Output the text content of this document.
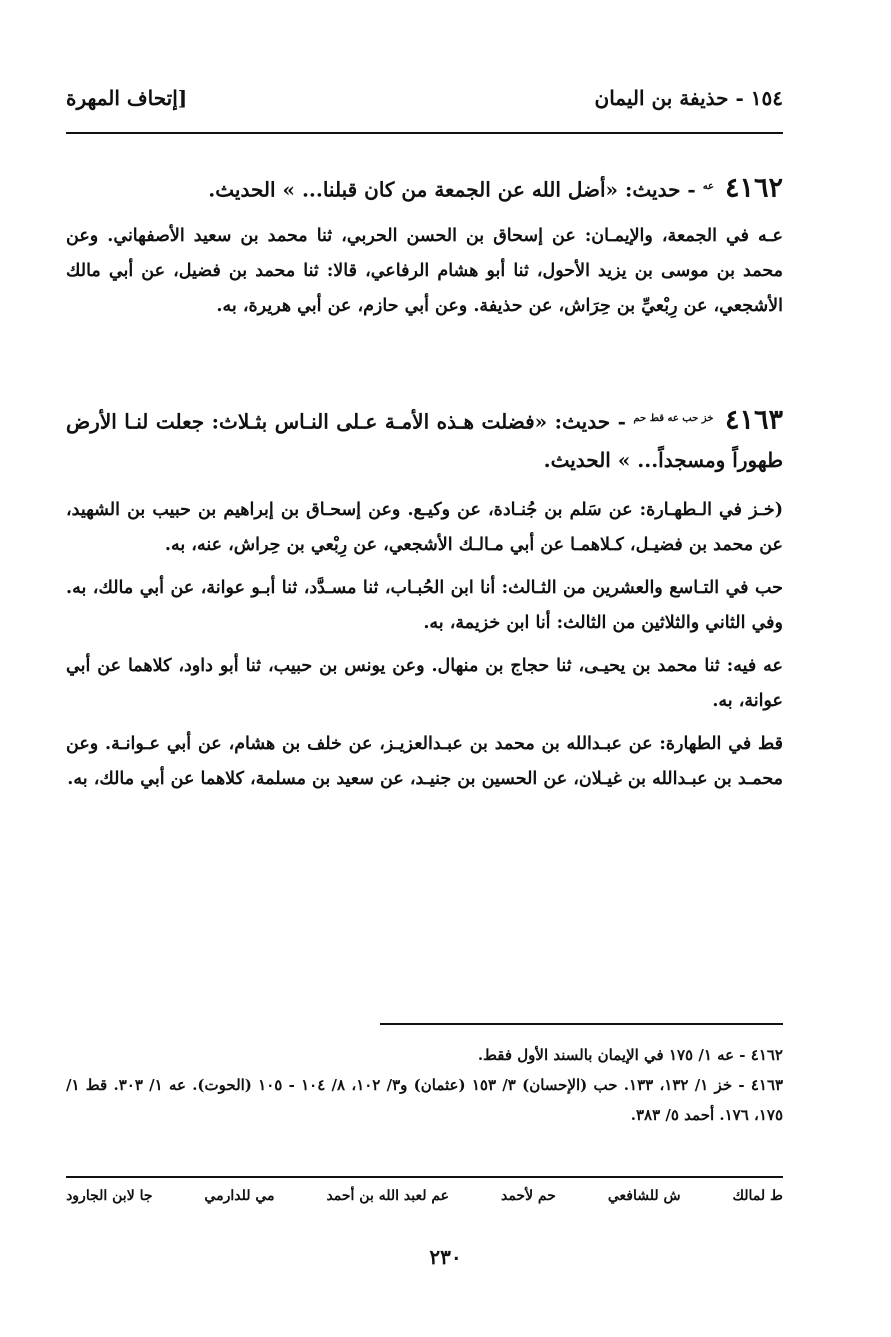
١٥٤ - حذيفة بن اليمان
[إتحاف المهرة
٤١٦٢ عه - حديث: «أضل الله عن الجمعة من كان قبلنا... » الحديث.

عـه في الجمعة، والإيمـان: عن إسحاق بن الحسن الحربي، ثنا محمد بن سعيد الأصفهاني. وعن محمد بن موسى بن يزيد الأحول، ثنا أبو هشام الرفاعي، قالا: ثنا محمد بن فضيل، عن أبي مالك الأشجعي، عن رِبْعيِّ بن حِرَاش، عن حذيفة. وعن أبي حازم، عن أبي هريرة، به.

٤١٦٣ خز حب عه قط حم - حديث: «فضلت هـذه الأمـة عـلى النـاس بثـلاث: جعلت لنـا الأرض طهوراً ومسجداً... » الحديث.

(خـز في الـطهـارة: عن سَلم بن جُنـادة، عن وكيـع. وعن إسحـاق بن إبراهيم بن حبيب بن الشهيد، عن محمد بن فضيـل، كـلاهمـا عن أبي مـالـك الأشجعي، عن رِبْعي بن حِراش، عنه، به.

حب في التـاسع والعشرين من الثـالث: أنا ابن الحُبـاب، ثنا مسـدَّد، ثنا أبـو عوانة، عن أبي مالك، به. وفي الثاني والثلاثين من الثالث: أنا ابن خزيمة، به.

عه فيه: ثنا محمد بن يحيـى، ثنا حجاج بن منهال. وعن يونس بن حبيب، ثنا أبو داود، كلاهما عن أبي عوانة، به.

قط في الطهارة: عن عبـدالله بن محمد بن عبـدالعزيـز، عن خلف بن هشام، عن أبي عـوانـة. وعن محمـد بن عبـدالله بن غيـلان، عن الحسين بن جنيـد، عن سعيد بن مسلمة، كلاهما عن أبي مالك، به.

٤١٦٢ - عه ١/ ١٧٥ في الإيمان بالسند الأول فقط.

٤١٦٣ - خز ١/ ١٣٢، ١٣٣. حب (الإحسان) ٣/ ١٥٣ (عثمان) و٣/ ١٠٢، ٨/ ١٠٤ - ١٠٥ (الحوت). عه ١/ ٣٠٣. قط ١/ ١٧٥، ١٧٦. أحمد ٥/ ٣٨٣.

ط لمالك
ش للشافعي
حم لأحمد
عم لعبد الله بن أحمد
مي للدارمي
جا لابن الجارود
٢٣٠
